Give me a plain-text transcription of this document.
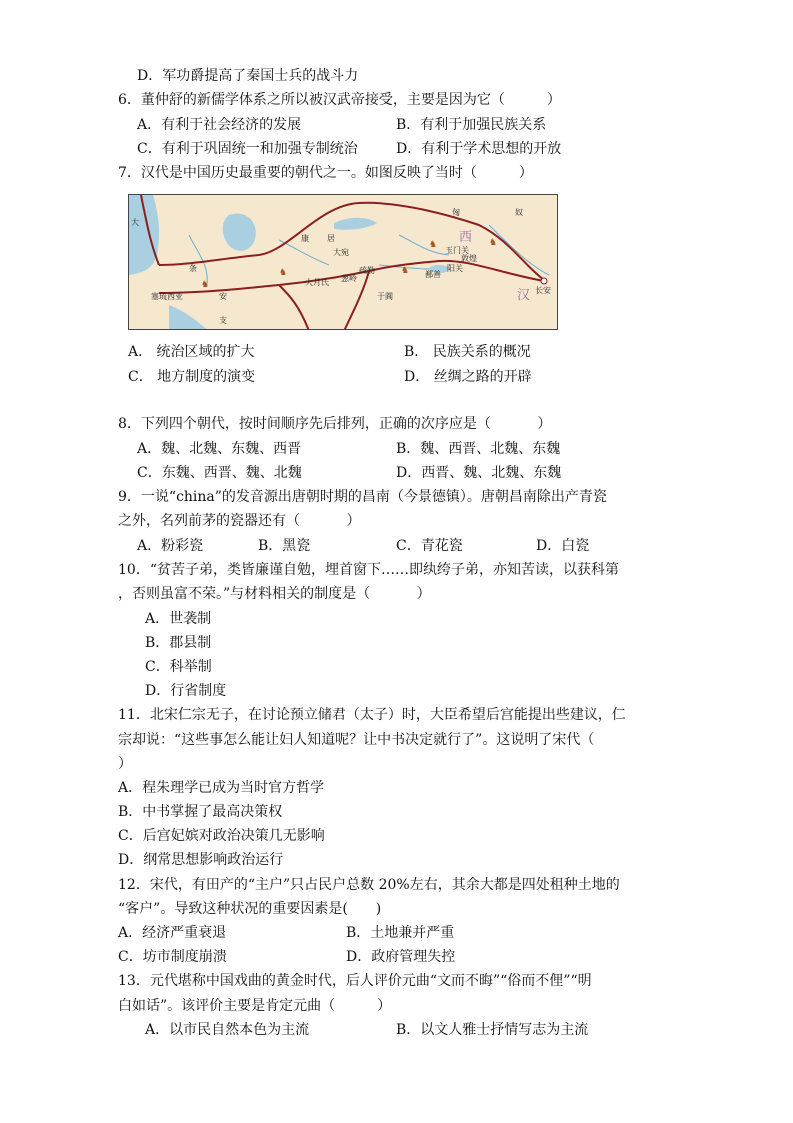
D．军功爵提高了秦国士兵的战斗力
6．董仲舒的新儒学体系之所以被汉武帝接受，主要是因为它（　　　）
A．有利于社会经济的发展	B．有利于加强民族关系
C．有利于巩固统一和加强专制统治	D．有利于学术思想的开放
7．汉代是中国历史最重要的朝代之一。如图反映了当时（　　　）
♞
♞	♞
♞	♞
大
塞琉西亚
条
安
支
康 居
大宛
大月氏 葱岭
疏勒
于阗
鄯善
阳关
敦煌
玉门关
匈	奴
西
汉 长安
A． 统治区域的扩大	B． 民族关系的概况
C． 地方制度的演变	D． 丝绸之路的开辟
8．下列四个朝代，按时间顺序先后排列，正确的次序应是（　　　 ）
A．魏、北魏、东魏、西晋	B．魏、西晋、北魏、东魏
C．东魏、西晋、魏、北魏	D．西晋、魏、北魏、东魏
9．一说“china”的发音源出唐朝时期的昌南（今景德镇）。唐朝昌南除出产青瓷
之外，名列前茅的瓷器还有（　　　 ）
A．粉彩瓷	B．黑瓷	C．青花瓷	D．白瓷
10．“贫苦子弟，类皆廉谨自勉，埋首窗下……即纨绔子弟，亦知苦读，以获科第
，否则虽富不荣。”与材料相关的制度是（　　　 ）
A．世袭制
B．郡县制
C．科举制
D．行省制度
11．北宋仁宗无子，在讨论预立储君（太子）时，大臣希望后宫能提出些建议，仁
宗却说：“这些事怎么能让妇人知道呢？让中书决定就行了”。这说明了宋代（
）
A．程朱理学已成为当时官方哲学
B．中书掌握了最高决策权
C．后宫妃嫔对政治决策几无影响
D．纲常思想影响政治运行
12．宋代，有田产的“主户”只占民户总数 20%左右，其余大都是四处租种土地的
“客户”。导致这种状况的重要因素是(　　)
A．经济严重衰退	B．土地兼并严重
C．坊市制度崩溃	D．政府管理失控
13．元代堪称中国戏曲的黄金时代，后人评价元曲“文而不晦”“俗而不俚”“明
白如话”。该评价主要是肯定元曲（　　　）
A．以市民自然本色为主流	B．以文人雅士抒情写志为主流
